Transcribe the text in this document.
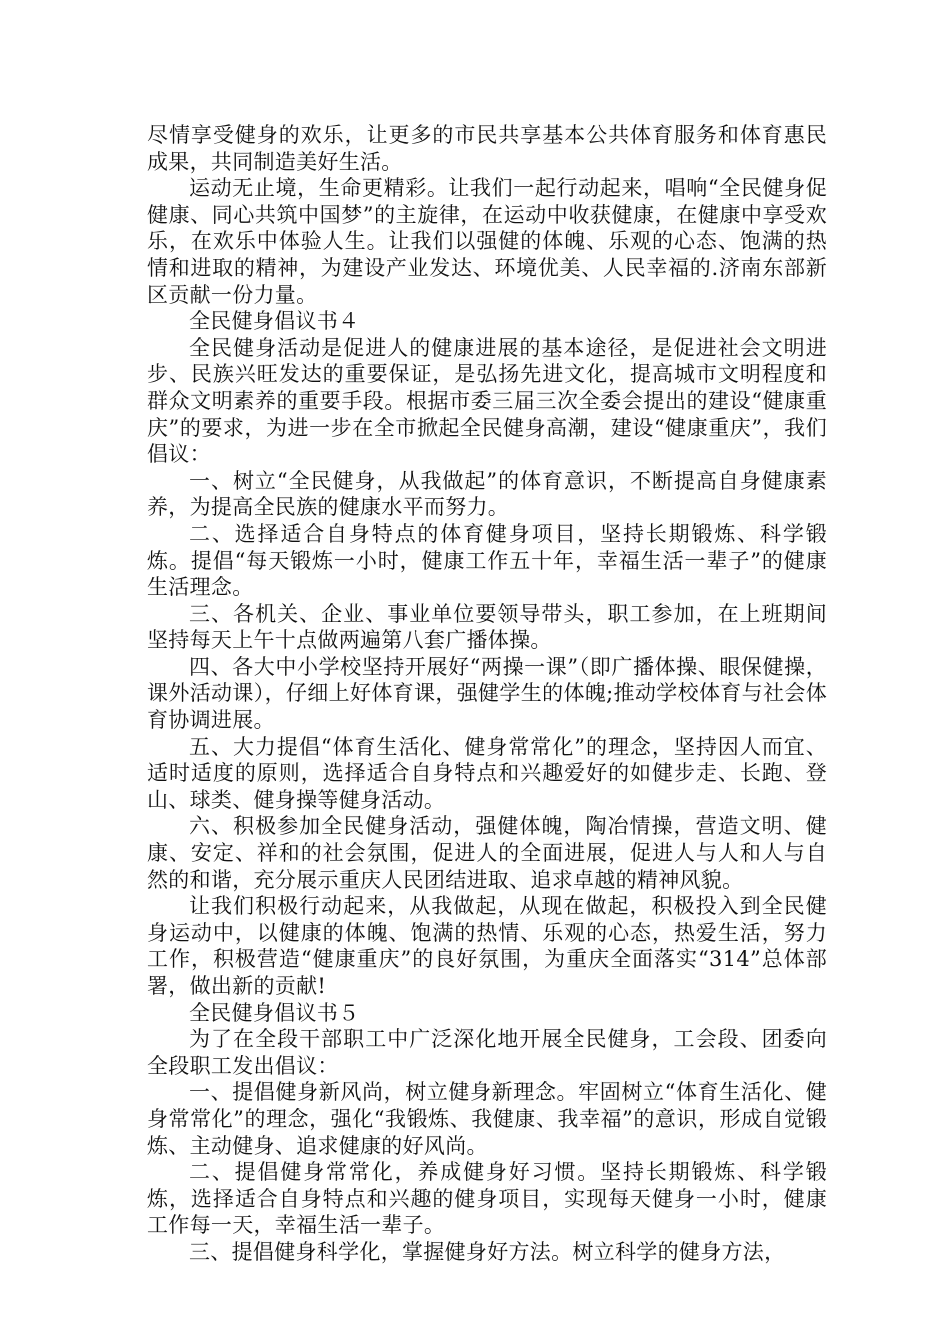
尽情享受健身的欢乐，让更多的市民共享基本公共体育服务和体育惠民成果，共同制造美好生活。

运动无止境，生命更精彩。让我们一起行动起来，唱响“全民健身促健康、同心共筑中国梦”的主旋律，在运动中收获健康，在健康中享受欢乐，在欢乐中体验人生。让我们以强健的体魄、乐观的心态、饱满的热情和进取的精神，为建设产业发达、环境优美、人民幸福的.济南东部新区贡献一份力量。

全民健身倡议书４

全民健身活动是促进人的健康进展的基本途径，是促进社会文明进步、民族兴旺发达的重要保证，是弘扬先进文化，提高城市文明程度和群众文明素养的重要手段。根据市委三届三次全委会提出的建设“健康重庆”的要求，为进一步在全市掀起全民健身高潮，建设“健康重庆”，我们倡议：

一、树立“全民健身，从我做起”的体育意识，不断提高自身健康素养，为提高全民族的健康水平而努力。

二、选择适合自身特点的体育健身项目，坚持长期锻炼、科学锻炼。提倡“每天锻炼一小时，健康工作五十年，幸福生活一辈子”的健康生活理念。

三、各机关、企业、事业单位要领导带头，职工参加，在上班期间坚持每天上午十点做两遍第八套广播体操。

四、各大中小学校坚持开展好“两操一课”（即广播体操、眼保健操，课外活动课），仔细上好体育课，强健学生的体魄;推动学校体育与社会体育协调进展。

五、大力提倡“体育生活化、健身常常化”的理念，坚持因人而宜、适时适度的原则，选择适合自身特点和兴趣爱好的如健步走、长跑、登山、球类、健身操等健身活动。

六、积极参加全民健身活动，强健体魄，陶冶情操，营造文明、健康、安定、祥和的社会氛围，促进人的全面进展，促进人与人和人与自然的和谐，充分展示重庆人民团结进取、追求卓越的精神风貌。

让我们积极行动起来，从我做起，从现在做起，积极投入到全民健身运动中，以健康的体魄、饱满的热情、乐观的心态，热爱生活，努力工作，积极营造“健康重庆”的良好氛围，为重庆全面落实“314”总体部署，做出新的贡献!

全民健身倡议书５

为了在全段干部职工中广泛深化地开展全民健身，工会段、团委向全段职工发出倡议：

一、提倡健身新风尚，树立健身新理念。牢固树立“体育生活化、健身常常化”的理念，强化“我锻炼、我健康、我幸福”的意识，形成自觉锻炼、主动健身、追求健康的好风尚。

二、提倡健身常常化，养成健身好习惯。坚持长期锻炼、科学锻炼，选择适合自身特点和兴趣的健身项目，实现每天健身一小时，健康工作每一天，幸福生活一辈子。

三、提倡健身科学化，掌握健身好方法。树立科学的健身方法，
